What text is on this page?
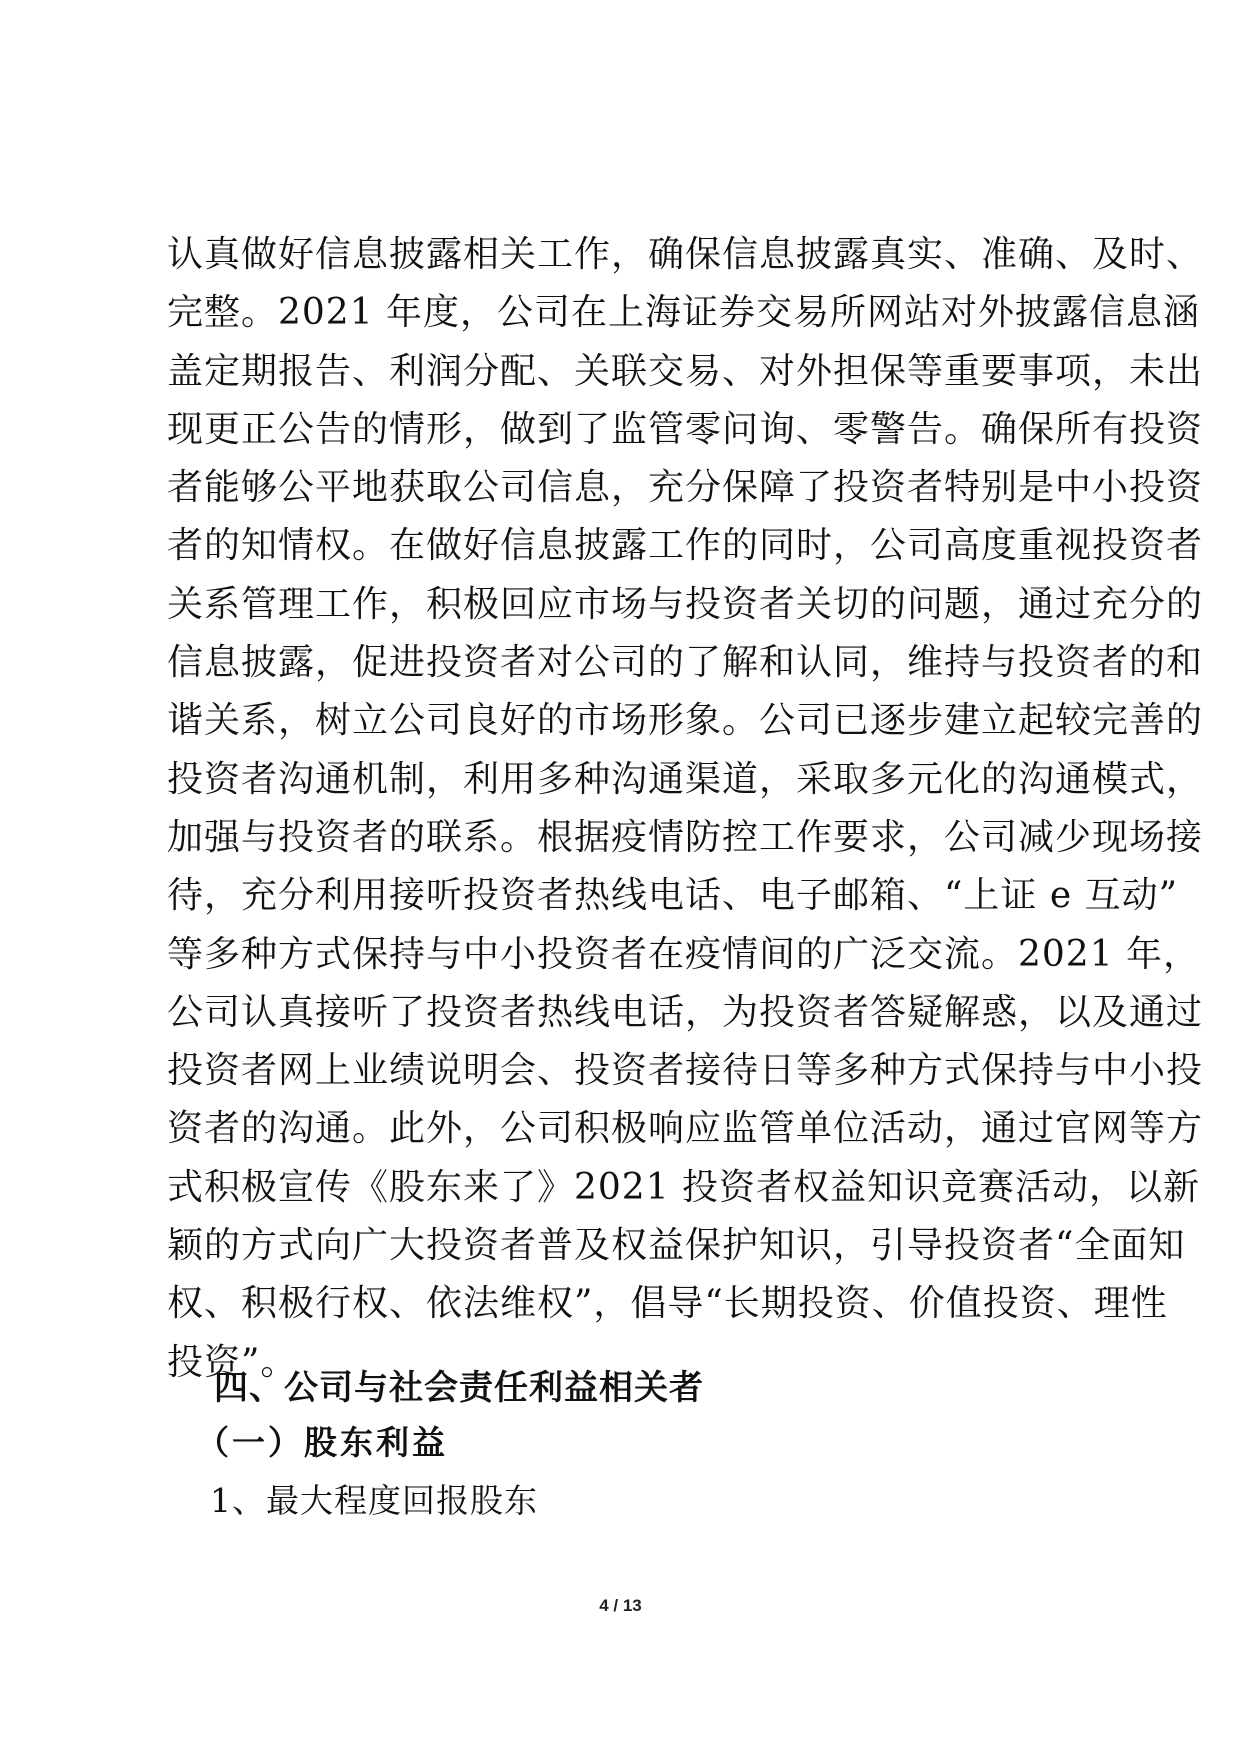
认真做好信息披露相关工作，确保信息披露真实、准确、及时、
完整。2021 年度，公司在上海证券交易所网站对外披露信息涵
盖定期报告、利润分配、关联交易、对外担保等重要事项，未出
现更正公告的情形，做到了监管零问询、零警告。确保所有投资
者能够公平地获取公司信息，充分保障了投资者特别是中小投资
者的知情权。在做好信息披露工作的同时，公司高度重视投资者
关系管理工作，积极回应市场与投资者关切的问题，通过充分的
信息披露，促进投资者对公司的了解和认同，维持与投资者的和
谐关系，树立公司良好的市场形象。公司已逐步建立起较完善的
投资者沟通机制，利用多种沟通渠道，采取多元化的沟通模式，
加强与投资者的联系。根据疫情防控工作要求，公司减少现场接
待，充分利用接听投资者热线电话、电子邮箱、“上证 e 互动”
等多种方式保持与中小投资者在疫情间的广泛交流。2021 年，
公司认真接听了投资者热线电话，为投资者答疑解惑，以及通过
投资者网上业绩说明会、投资者接待日等多种方式保持与中小投
资者的沟通。此外，公司积极响应监管单位活动，通过官网等方
式积极宣传《股东来了》2021 投资者权益知识竞赛活动，以新
颖的方式向广大投资者普及权益保护知识，引导投资者“全面知
权、积极行权、依法维权”，倡导“长期投资、价值投资、理性
投资”。
四、公司与社会责任利益相关者
（一）股东利益
1、最大程度回报股东
4 / 13
